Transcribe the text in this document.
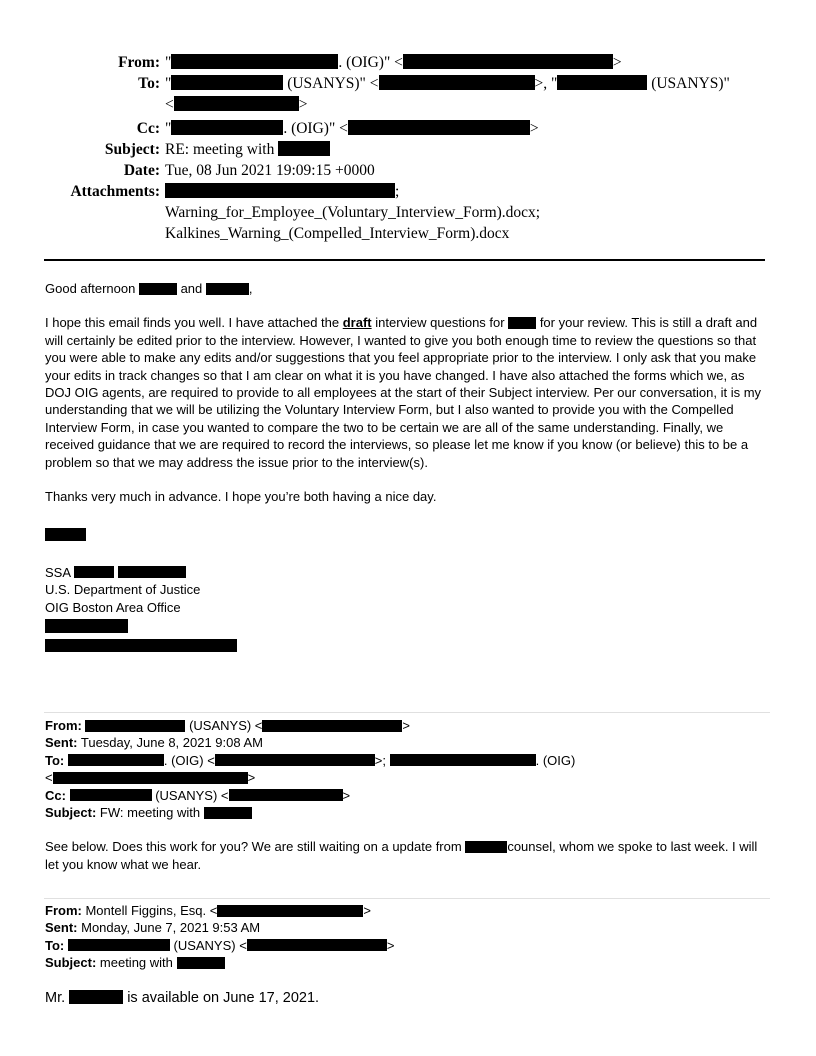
From: "	. (OIG)" <	>
To: "	(USANYS)" <	>, "	(USANYS)"
<	>
Cc: "	. (OIG)" <	>
Subject: RE: meeting with
Date: Tue, 08 Jun 2021 19:09:15 +0000
Attachments:	;
Warning_for_Employee_(Voluntary_Interview_Form).docx;
Kalkines_Warning_(Compelled_Interview_Form).docx

Good afternoon	and	,

I hope this email finds you well. I have attached the draft interview questions for  for your review. This is still a draft and will certainly be edited prior to the interview. However, I wanted to give you both enough time to review the questions so that you were able to make any edits and/or suggestions that you feel appropriate prior to the interview. I only ask that you make your edits in track changes so that I am clear on what it is you have changed. I have also attached the forms which we, as DOJ OIG agents, are required to provide to all employees at the start of their Subject interview. Per our conversation, it is my understanding that we will be utilizing the Voluntary Interview Form, but I also wanted to provide you with the Compelled Interview Form, in case you wanted to compare the two to be certain we are all of the same understanding. Finally, we received guidance that we are required to record the interviews, so please let me know if you know (or believe) this to be a problem so that we may address the issue prior to the interview(s).

Thanks very much in advance. I hope you’re both having a nice day.

SSA

U.S. Department of Justice

OIG Boston Area Office

From:	(USANYS) <	>

Sent: Tuesday, June 8, 2021 9:08 AM

To:	. (OIG) <	>;	. (OIG)

<	>

Cc:	(USANYS) <	>

Subject: FW: meeting with

See below. Does this work for you? We are still waiting on a update from	counsel, whom we spoke to last week. I will let you know what we hear.

From: Montell Figgins, Esq. <	>

Sent: Monday, June 7, 2021 9:53 AM

To:	(USANYS) <	>

Subject: meeting with

Mr.	is available on June 17, 2021.
